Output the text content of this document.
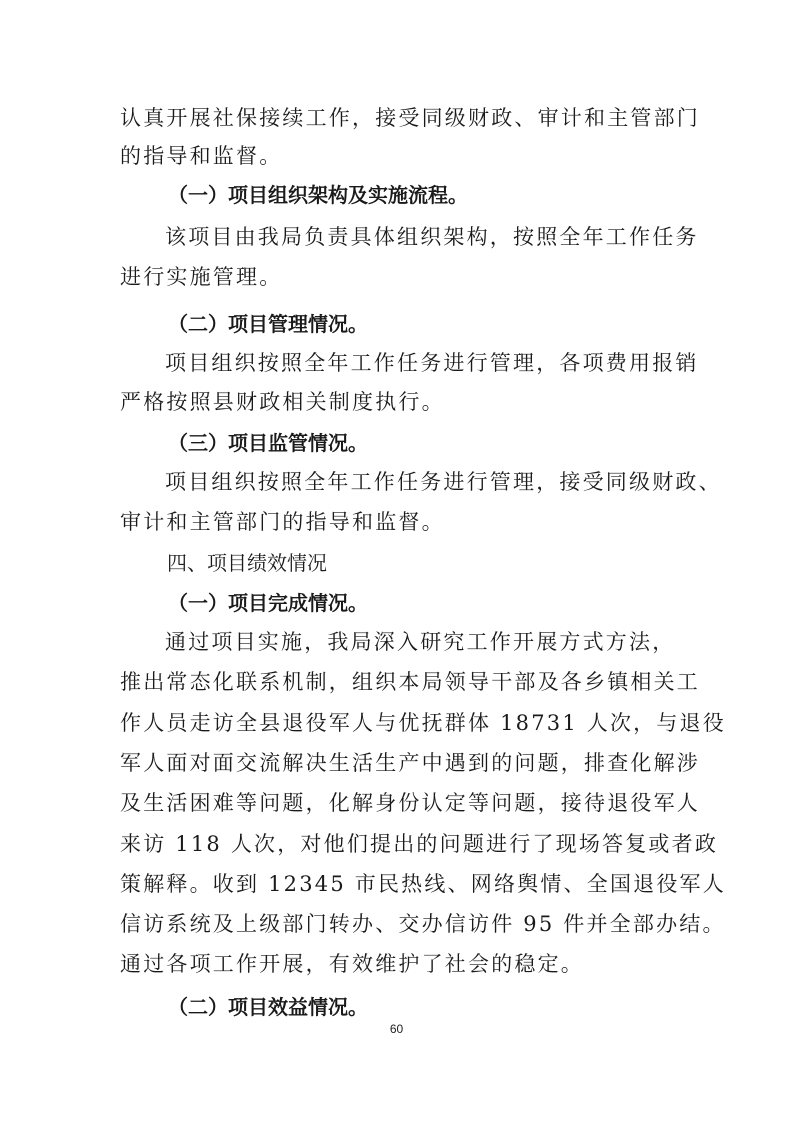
认真开展社保接续工作，接受同级财政、审计和主管部门
的指导和监督。
（一）项目组织架构及实施流程。
该项目由我局负责具体组织架构，按照全年工作任务
进行实施管理。
（二）项目管理情况。
项目组织按照全年工作任务进行管理，各项费用报销
严格按照县财政相关制度执行。
（三）项目监管情况。
项目组织按照全年工作任务进行管理，接受同级财政、
审计和主管部门的指导和监督。
四、项目绩效情况
（一）项目完成情况。
通过项目实施，我局深入研究工作开展方式方法，
推出常态化联系机制，组织本局领导干部及各乡镇相关工
作人员走访全县退役军人与优抚群体 18731 人次，与退役
军人面对面交流解决生活生产中遇到的问题，排查化解涉
及生活困难等问题，化解身份认定等问题，接待退役军人
来访 118 人次，对他们提出的问题进行了现场答复或者政
策解释。收到 12345 市民热线、网络舆情、全国退役军人
信访系统及上级部门转办、交办信访件 95 件并全部办结。
通过各项工作开展，有效维护了社会的稳定。
（二）项目效益情况。
60
